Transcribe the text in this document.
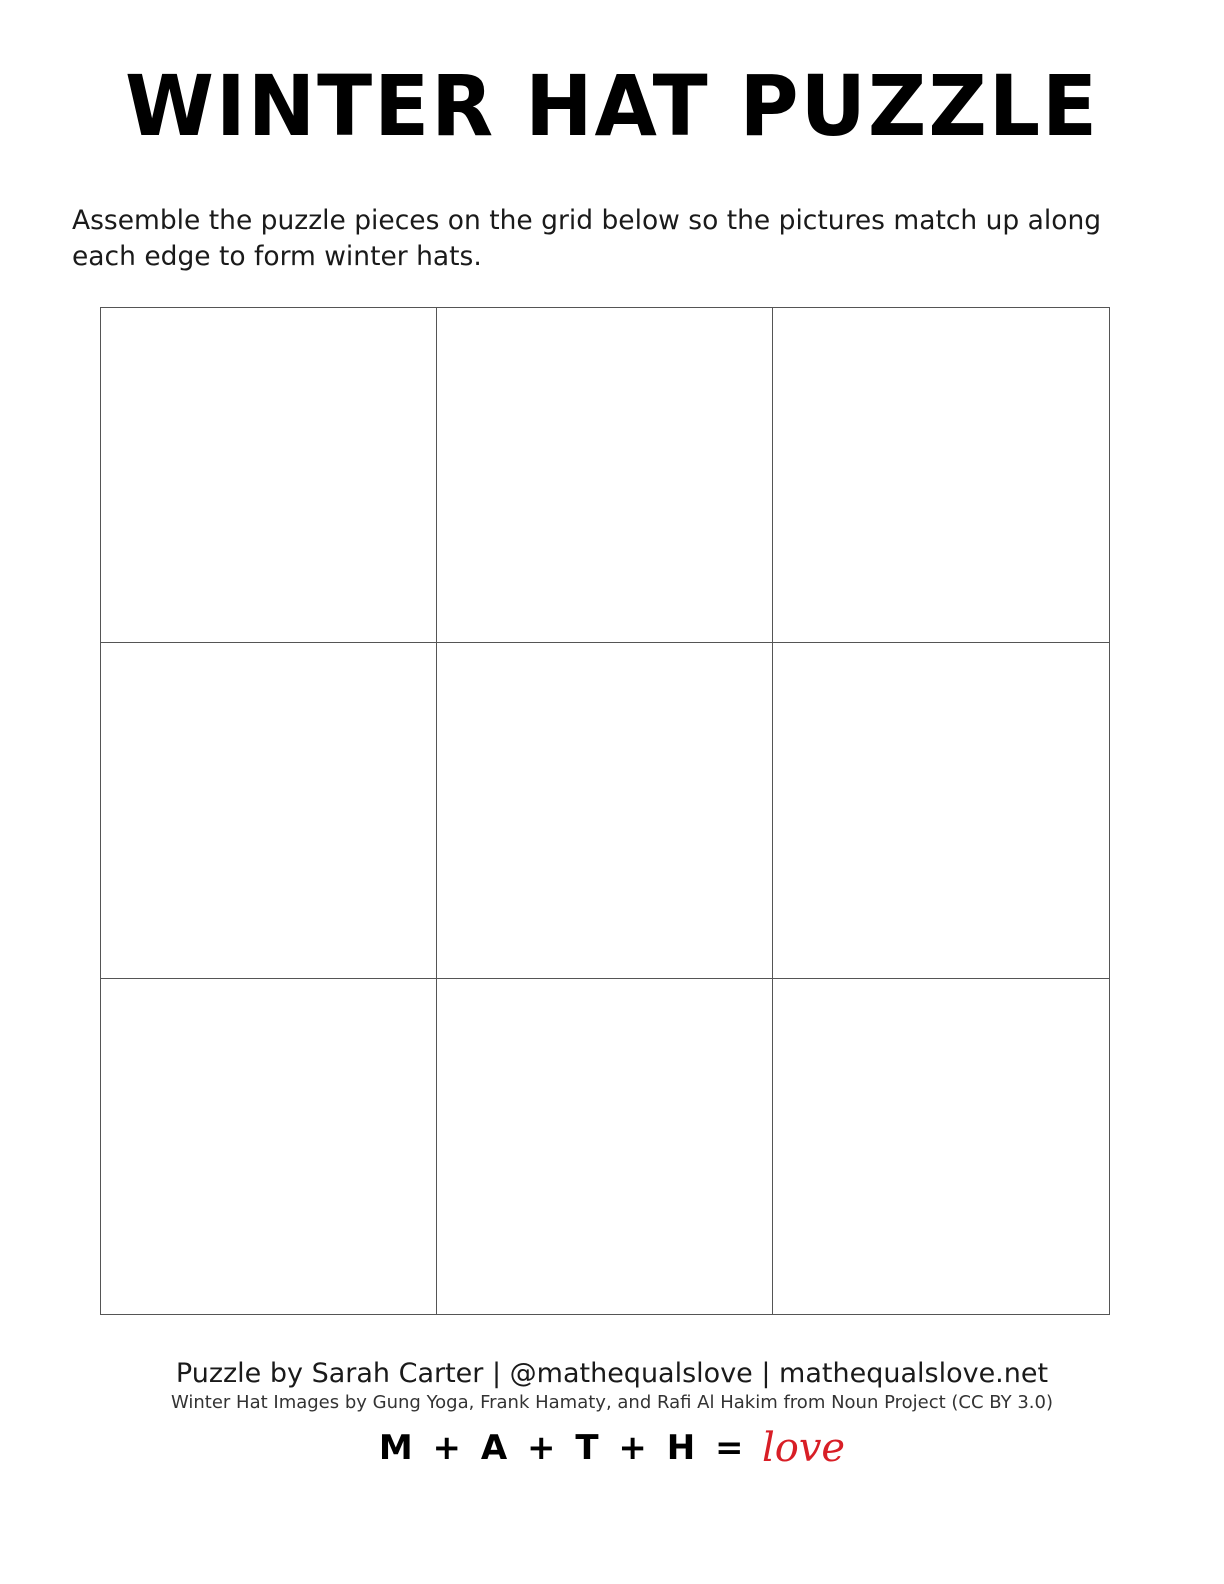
WINTER HAT PUZZLE

Assemble the puzzle pieces on the grid below so the pictures match up along each edge to form winter hats.

Puzzle by Sarah Carter | @mathequalslove | mathequalslove.net
Winter Hat Images by Gung Yoga, Frank Hamaty, and Rafi Al Hakim from Noun Project (CC BY 3.0)
M + A + T + H = love
